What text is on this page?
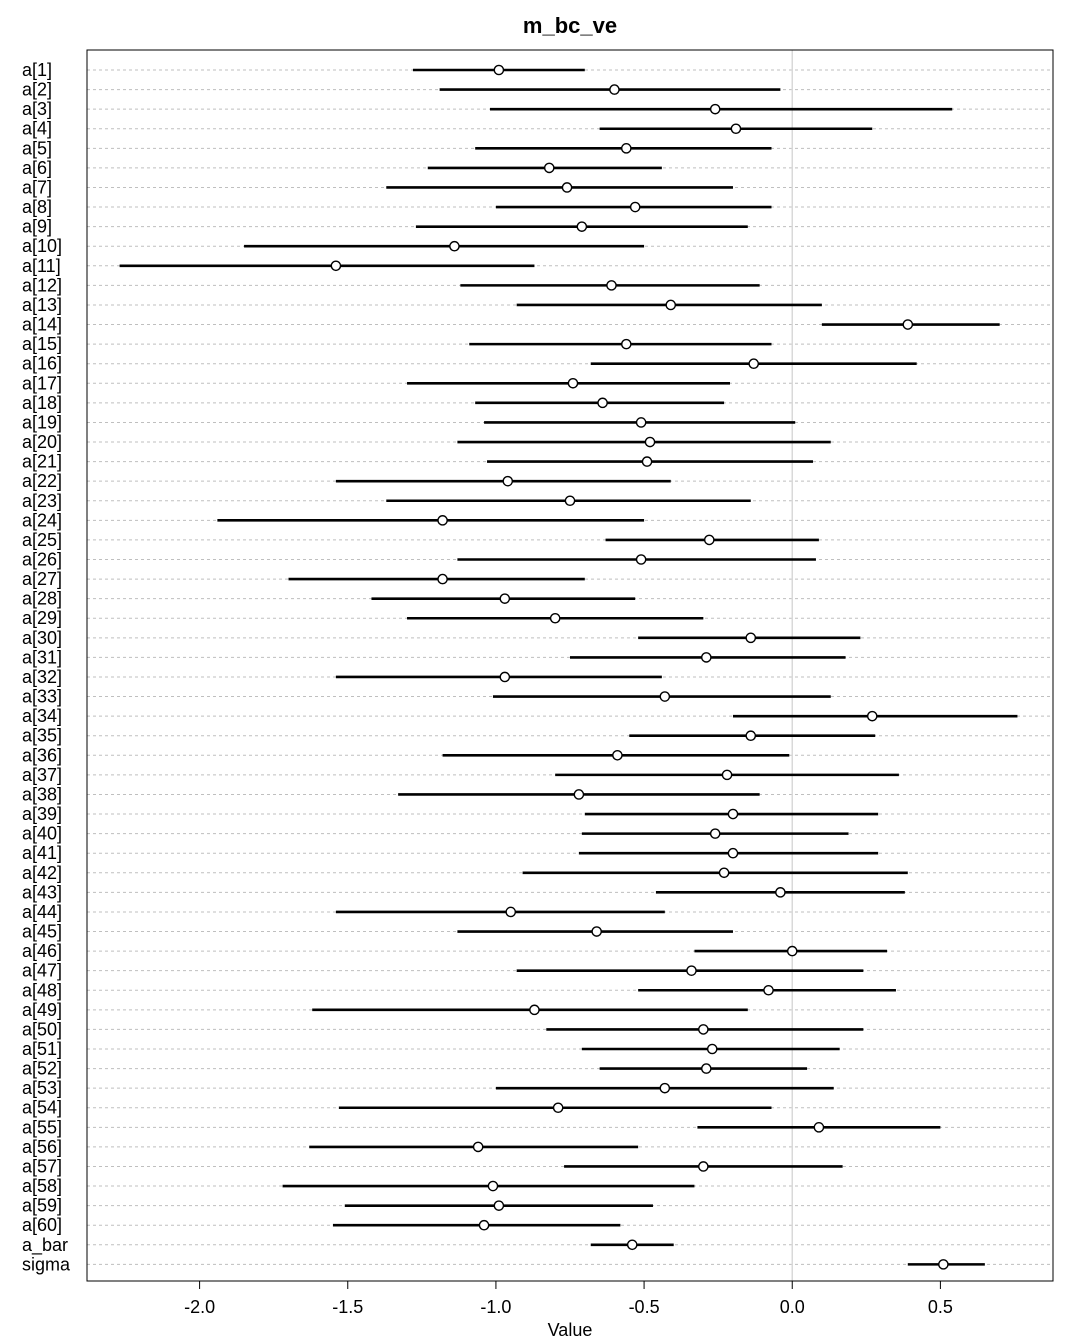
m_bc_ve
a[1]
a[2]
a[3]
a[4]
a[5]
a[6]
a[7]
a[8]
a[9]
a[10]
a[11]
a[12]
a[13]
a[14]
a[15]
a[16]
a[17]
a[18]
a[19]
a[20]
a[21]
a[22]
a[23]
a[24]
a[25]
a[26]
a[27]
a[28]
a[29]
a[30]
a[31]
a[32]
a[33]
a[34]
a[35]
a[36]
a[37]
a[38]
a[39]
a[40]
a[41]
a[42]
a[43]
a[44]
a[45]
a[46]
a[47]
a[48]
a[49]
a[50]
a[51]
a[52]
a[53]
a[54]
a[55]
a[56]
a[57]
a[58]
a[59]
a[60]
a_bar
sigma
-2.0	-1.5	-1.0	-0.5	0.0	0.5
Value
